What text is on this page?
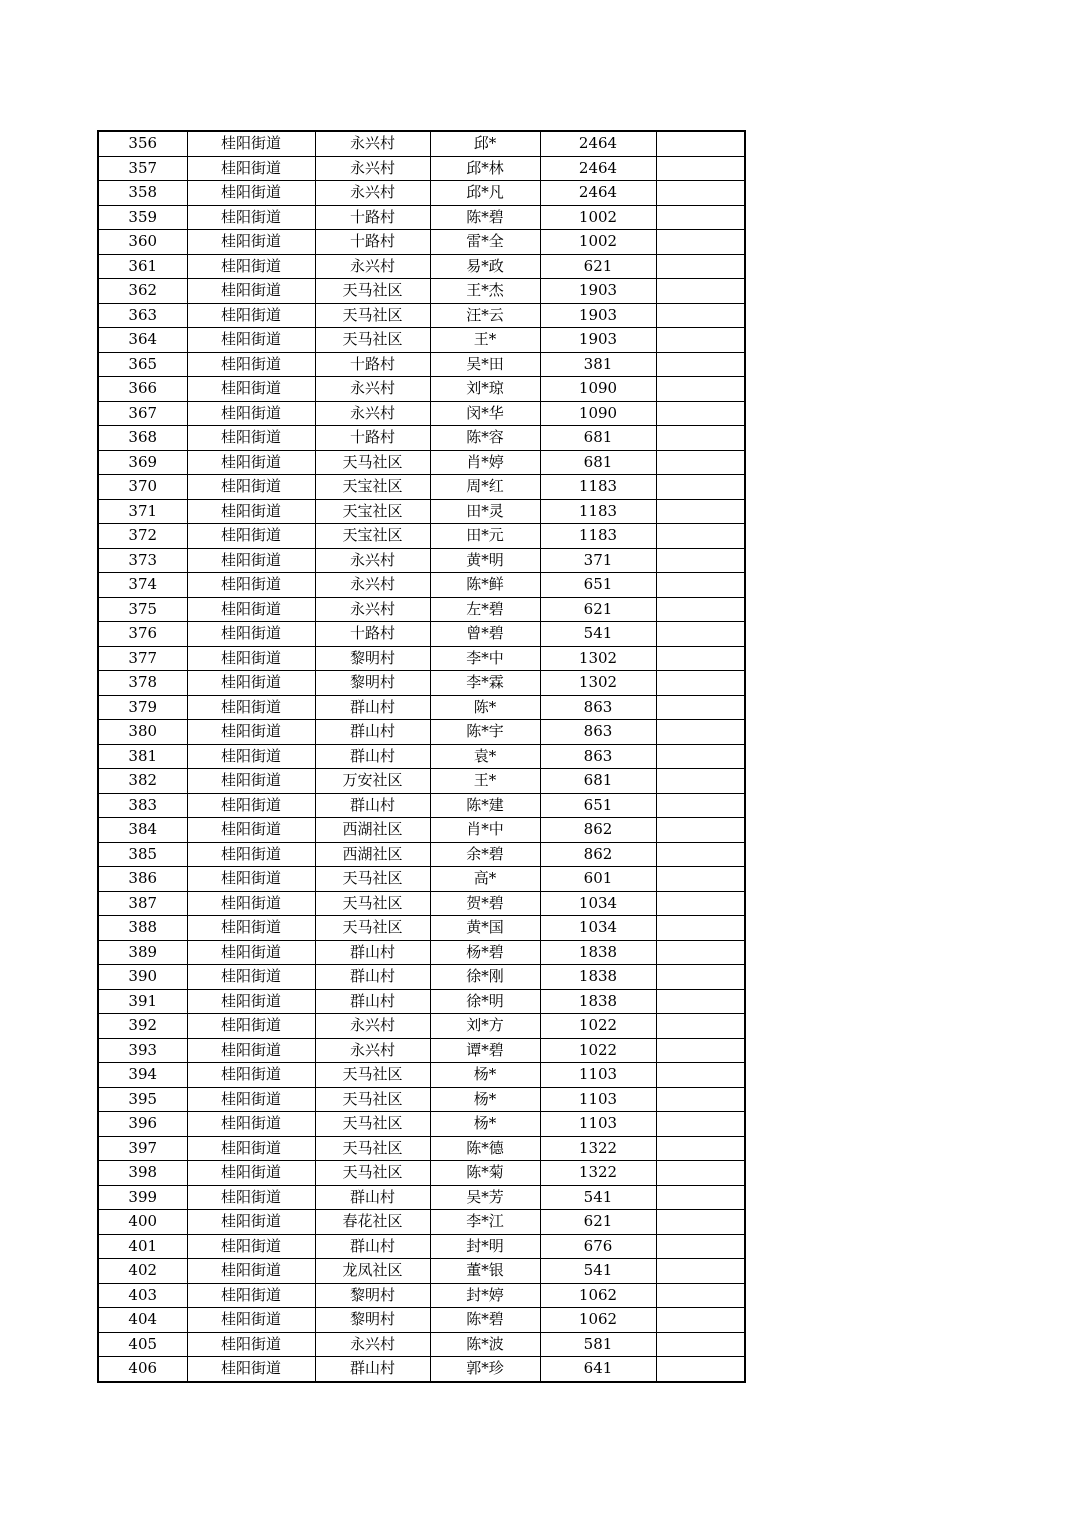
356	桂阳街道	永兴村	邱*	2464	
357	桂阳街道	永兴村	邱*林	2464	
358	桂阳街道	永兴村	邱*凡	2464	
359	桂阳街道	十路村	陈*碧	1002	
360	桂阳街道	十路村	雷*全	1002	
361	桂阳街道	永兴村	易*政	621	
362	桂阳街道	天马社区	王*杰	1903	
363	桂阳街道	天马社区	汪*云	1903	
364	桂阳街道	天马社区	王*	1903	
365	桂阳街道	十路村	吴*田	381	
366	桂阳街道	永兴村	刘*琼	1090	
367	桂阳街道	永兴村	闵*华	1090	
368	桂阳街道	十路村	陈*容	681	
369	桂阳街道	天马社区	肖*婷	681	
370	桂阳街道	天宝社区	周*红	1183	
371	桂阳街道	天宝社区	田*灵	1183	
372	桂阳街道	天宝社区	田*元	1183	
373	桂阳街道	永兴村	黄*明	371	
374	桂阳街道	永兴村	陈*鲜	651	
375	桂阳街道	永兴村	左*碧	621	
376	桂阳街道	十路村	曾*碧	541	
377	桂阳街道	黎明村	李*中	1302	
378	桂阳街道	黎明村	李*霖	1302	
379	桂阳街道	群山村	陈*	863	
380	桂阳街道	群山村	陈*宇	863	
381	桂阳街道	群山村	袁*	863	
382	桂阳街道	万安社区	王*	681	
383	桂阳街道	群山村	陈*建	651	
384	桂阳街道	西湖社区	肖*中	862	
385	桂阳街道	西湖社区	余*碧	862	
386	桂阳街道	天马社区	高*	601	
387	桂阳街道	天马社区	贺*碧	1034	
388	桂阳街道	天马社区	黄*国	1034	
389	桂阳街道	群山村	杨*碧	1838	
390	桂阳街道	群山村	徐*刚	1838	
391	桂阳街道	群山村	徐*明	1838	
392	桂阳街道	永兴村	刘*方	1022	
393	桂阳街道	永兴村	谭*碧	1022	
394	桂阳街道	天马社区	杨*	1103	
395	桂阳街道	天马社区	杨*	1103	
396	桂阳街道	天马社区	杨*	1103	
397	桂阳街道	天马社区	陈*德	1322	
398	桂阳街道	天马社区	陈*菊	1322	
399	桂阳街道	群山村	吴*芳	541	
400	桂阳街道	春花社区	李*江	621	
401	桂阳街道	群山村	封*明	676	
402	桂阳街道	龙凤社区	董*银	541	
403	桂阳街道	黎明村	封*婷	1062	
404	桂阳街道	黎明村	陈*碧	1062	
405	桂阳街道	永兴村	陈*波	581	
406	桂阳街道	群山村	郭*珍	641	
